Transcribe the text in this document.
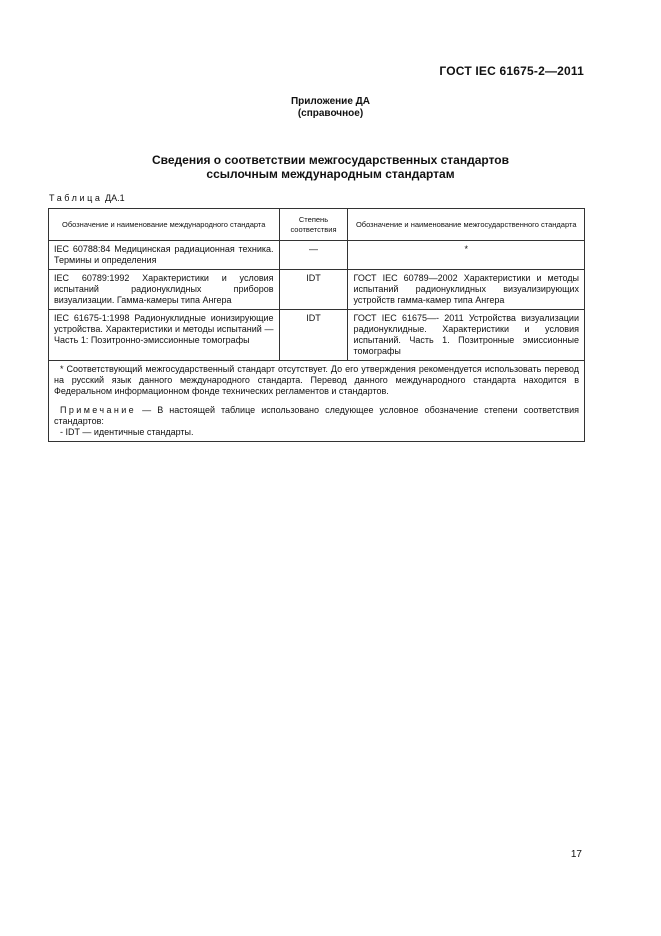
ГОСТ IEC 61675-2—2011
Приложение ДА
(справочное)
Сведения о соответствии межгосударственных стандартов
ссылочным международным стандартам
Таблица ДА.1
Обозначение и наименование международного стандарта	Степень соответствия	Обозначение и наименование межгосударственного стандарта
IEC 60788:84 Медицинская радиационная техника. Термины и определения	—	*
IEC 60789:1992 Характеристики и условия испытаний радионуклидных приборов визуализации. Гамма-камеры типа Ангера	IDT	ГОСТ IEC 60789—2002 Характеристики и методы испытаний радионуклидных визуализирующих устройств гамма-камер типа Ангера
IEC 61675-1:1998 Радионуклидные ионизирующие устройства. Характеристики и методы испытаний — Часть 1: Позитронно-эмиссионные томографы	IDT	ГОСТ IEC 61675—- 2011 Устройства визуализации радионуклидные. Характеристики и условия испытаний. Часть 1. Позитронные эмиссионные томографы

* Соответствующий межгосударственный стандарт отсутствует. До его утверждения рекомендуется использовать перевод на русский язык данного международного стандарта. Перевод данного международного стандарта находится в Федеральном информационном фонде технических регламентов и стандартов.

Примечание — В настоящей таблице использовано следующее условное обозначение степени соответствия стандартов:

- IDT — идентичные стандарты.		

17
